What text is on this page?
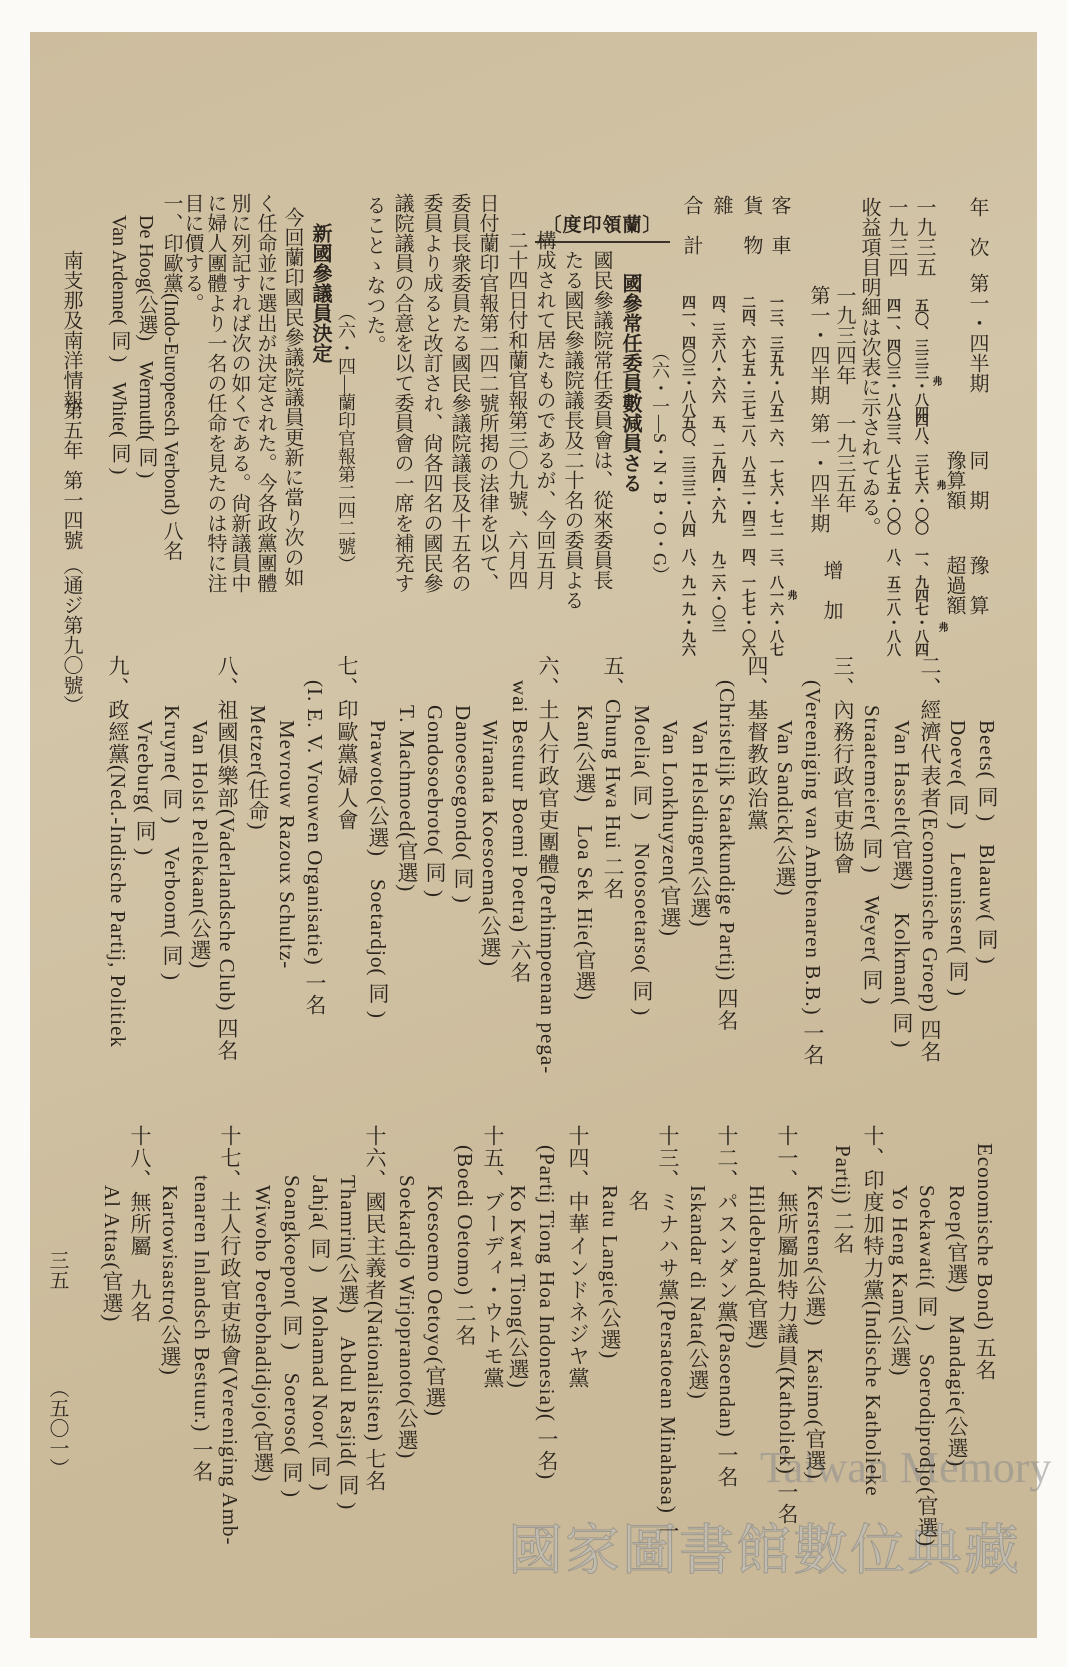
〔蘭領印度〕
Taiwan Memory
國家圖書館數位典藏
年　次
第一・四半期
同　期
豫算額
豫　算
超過額
一九三五
五〇、三三三・八四
四八、三七六・〇〇
一、九四七・八四
一九三四
四一、四〇三・八八
三三、八七五・〇〇
八、五二八・八八
弗
弗
弗
收益項目明細は次表に示されてゐる。
一九三四年
第一・四半期
一九三五年
第一・四半期
增　加
客　車
一三、三五九・八五
一六、一七六・七二
三、八一六・八七
貨　物
二四、六七五・三七
二八、八五二・四三
四、一七七・〇六
雜
四、三六八・六六
五、二九四・六九
九二六・〇三
合　計
四一、四〇三・八八
五〇、三三三・八四
八、九一九・九六	弗
（六・一―S・N・B・O・G）
國參常任委員數減員さる
國民參議院常任委員會は、從來委員長
たる國民參議院議長及二十名の委員よる
構成されて居たものであるが、今回五月
二十四日付和蘭官報第三〇九號、六月四
日付蘭印官報第二四二號所掲の法律を以て、
委員長衆委員たる國民參議院議長及十五名の
委員より成ると改訂され、尙各四名の國民參
議院議員の合意を以て委員會の一席を補充す
ることゝなつた。
（六・四―蘭印官報第二四二號）
新國參議員決定
今回蘭印國民參議院議員更新に當り次の如
く任命並に選出が決定された。今各政黨團體
別に列記すれば次の如くである。尙新議員中
に婦人團體より一名の任命を見たのは特に注
目に價する。
一、印歐黨(Indo-Europeesch Verbond) 八名
De Hoog(公選)　Wermuth( 同 )
Van Ardenne( 同 )　White( 同 )
Beets( 同 )　Blaauw( 同 )
Doeve( 同 )　Leunissen( 同 )
二、經濟代表者(Economische Groep) 四名
Van Hasselt(官選)　Kolkman( 同 )
Straatemeier( 同 )　Weyer( 同 )
三、內務行政官吏協會
(Vereeniging van Ambtenaren B.B.) 一名
Van Sandick(公選)
四、基督教政治黨
(Christelijk Staatkundige Partij) 四名
Van Helsdingen(公選)
Van Lonkhuyzen(官選)
Moelia( 同 )　Notosoetarso( 同 )
五、Chung Hwa Hui 二名
Kan(公選)　Loa Sek Hie(官選)
六、土人行政官吏團體(Perhimpoenan pega-
wai Bestuur Boemi Poetra) 六名
Wiranata Koesoema(公選)
Danoesoegondo( 同 )
Gondosoebroto( 同 )
T. Machmoed(官選)
Prawoto(公選)　Soetardjo( 同 )
七、印歐黨婦人會
(I. E. V. Vrouwen Organisatie) 一名
Mevrouw Razoux Schultz-
Metzer(任命)
八、祖國倶樂部(Vaderlandsche Club) 四名
Van Holst Pellekaan(公選)
Kruyne( 同 )　Verboom( 同 )
Vreeburg( 同 )
九、政經黨(Ned.-Indische Partij, Politiek
Economische Bond) 五名
Roep(官選)　Mandagie(公選)
Soekawati( 同 )　Soerodiprodjo(官選)
Yo Heng Kam(公選)
十、印度加特力黨(Indische Katholieke
Partij) 二名
Kerstens(公選)　Kasimo(官選)
十一、無所屬加特力議員(Katholiek) 一名
Hildebrand(官選)
十二、パスンダン黨(Pasoendan) 一名
Iskandar di Nata(公選)
十三、ミナハサ黨(Persatoean Minahasa) 一
名
Ratu Langie(公選)
十四、中華インドネジヤ黨
(Partij Tiong Hoa Indonesia)( 一名)
Ko Kwat Tiong(公選)
十五、ブーディ・ウトモ黨
(Boedi Oetomo) 二名
Koesoemo Oetoyo(官選)
Soekardjo Wirjopranoto(公選)
十六、國民主義者(Nationalisten) 七名
Thamrin(公選)　Abdul Rasjid( 同 )
Jahja( 同 )　Mohamad Noor( 同 )
Soangkoepon( 同 )　Soeroso( 同 )
Wiwoho Poerbohadidjojo(官選)
十七、土人行政官吏協會(Vereeniging Amb-
tenaren Inlandsch Bestuur.) 一名
Kartowisastro(公選)
十八、無所屬　九名
Al Attas(官選)
南支那及南洋情報
第五年
第一四號
（通ジ第九〇號）
三五
（五〇一）
